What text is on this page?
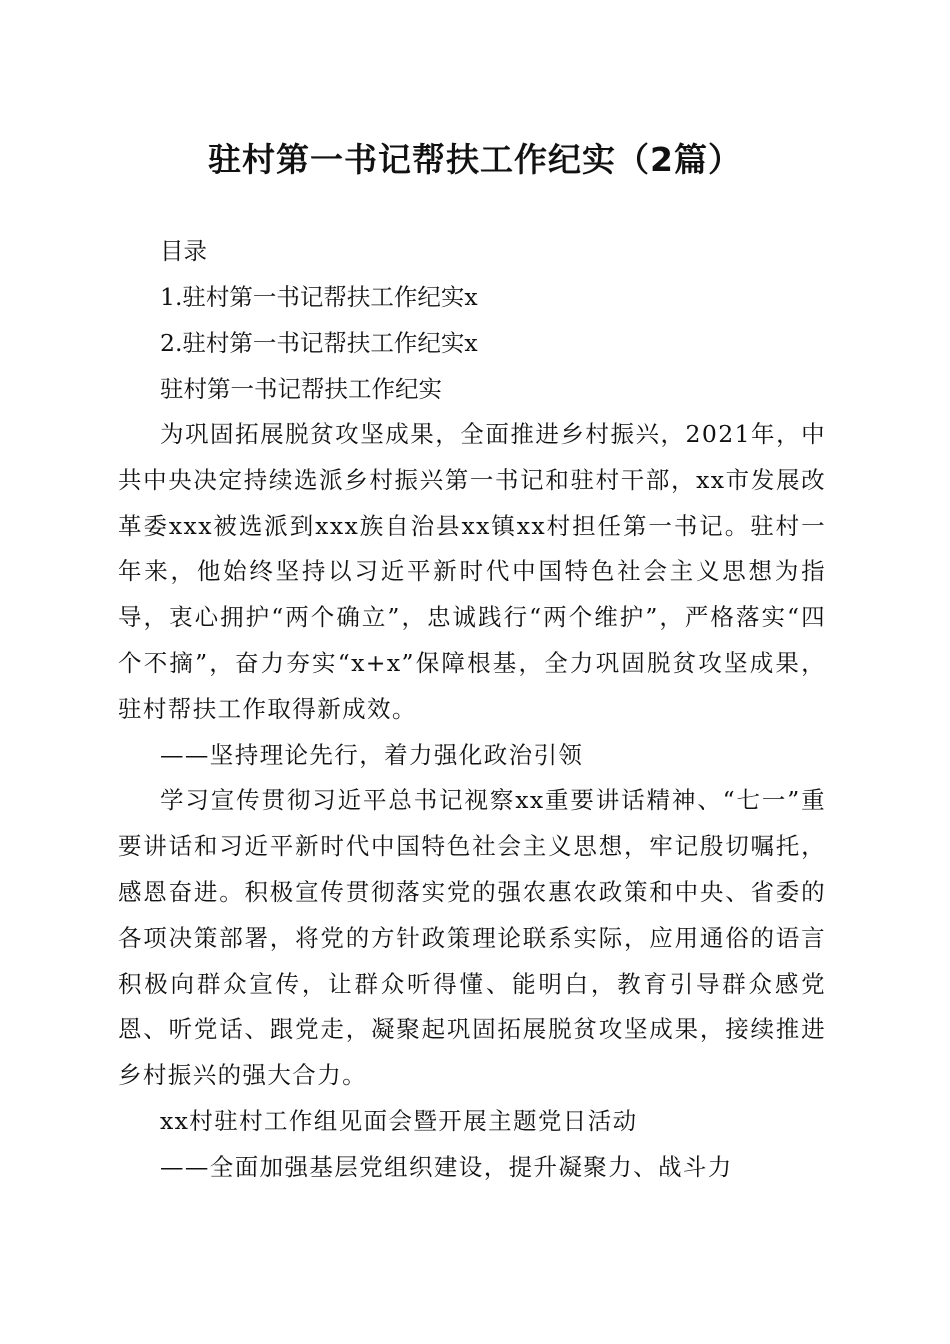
驻村第一书记帮扶工作纪实（2篇）

目录

1.驻村第一书记帮扶工作纪实x

2.驻村第一书记帮扶工作纪实x

驻村第一书记帮扶工作纪实

为巩固拓展脱贫攻坚成果，全面推进乡村振兴，2021年，中共中央决定持续选派乡村振兴第一书记和驻村干部，xx市发展改革委xxx被选派到xxx族自治县xx镇xx村担任第一书记。驻村一年来，他始终坚持以习近平新时代中国特色社会主义思想为指导，衷心拥护“两个确立”，忠诚践行“两个维护”，严格落实“四个不摘”，奋力夯实“x+x”保障根基，全力巩固脱贫攻坚成果，驻村帮扶工作取得新成效。

——坚持理论先行，着力强化政治引领

学习宣传贯彻习近平总书记视察xx重要讲话精神、“七一”重要讲话和习近平新时代中国特色社会主义思想，牢记殷切嘱托，感恩奋进。积极宣传贯彻落实党的强农惠农政策和中央、省委的各项决策部署，将党的方针政策理论联系实际，应用通俗的语言积极向群众宣传，让群众听得懂、能明白，教育引导群众感党恩、听党话、跟党走，凝聚起巩固拓展脱贫攻坚成果，接续推进乡村振兴的强大合力。

xx村驻村工作组见面会暨开展主题党日活动

——全面加强基层党组织建设，提升凝聚力、战斗力
